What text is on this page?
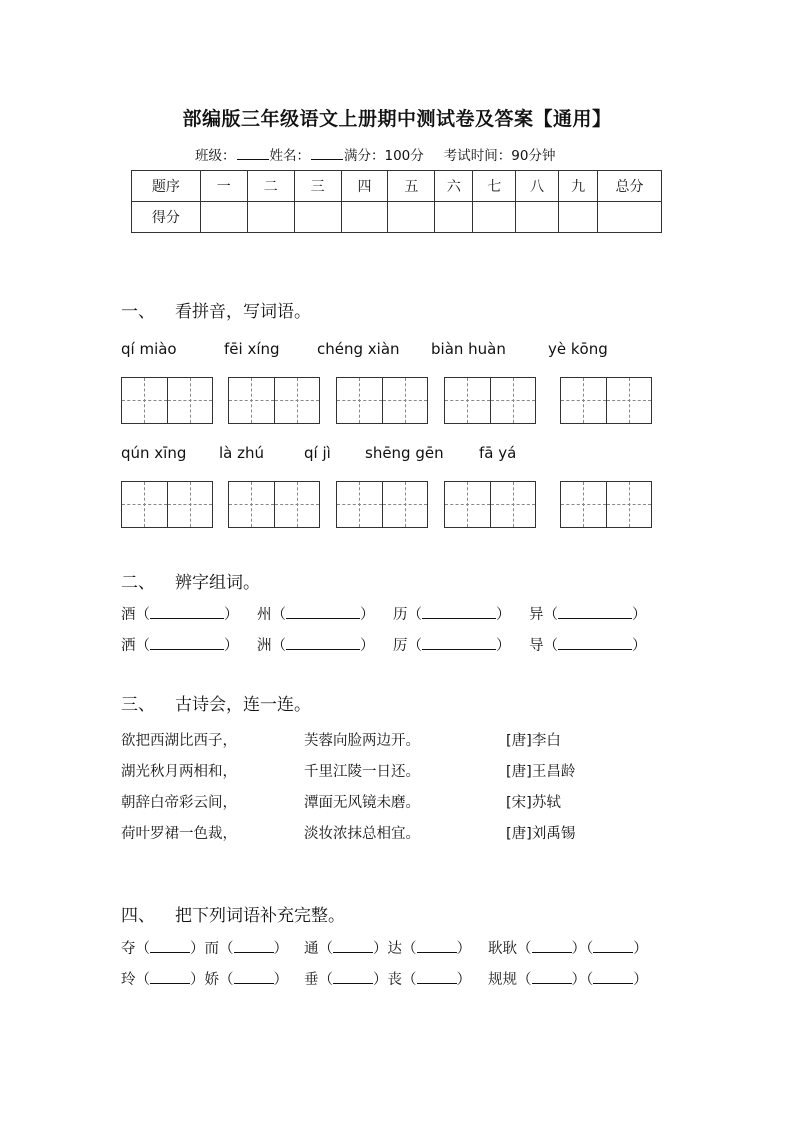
部编版三年级语文上册期中测试卷及答案【通用】
班级：	姓名：	满分：100分 考试时间：90分钟
题序	一	二	三	四	五	六	七	八	九	总分
得分										
一、 看拼音，写词语。
qí miào	fēi xíng chéng xiàn biàn huàn	yè kōng
qún xīng là zhú	qí jì shēng gēn fā yá
二、 辨字组词。
酒（	） 州（	） 历（	） 异（	）
洒（	） 洲（	） 厉（	） 导（	）
三、 古诗会，连一连。
欲把西湖比西子，	芙蓉向脸两边开。	[唐]李白
湖光秋月两相和，	千里江陵一日还。	[唐]王昌龄
朝辞白帝彩云间，	潭面无风镜未磨。	[宋]苏轼
荷叶罗裙一色裁，	淡妆浓抹总相宜。	[唐]刘禹锡
四、 把下列词语补充完整。
夺（	）而（	） 通（	）达（	） 耿耿（	）（	）
玲（	）娇（	） 垂（	）丧（	） 规规（	）（	）
